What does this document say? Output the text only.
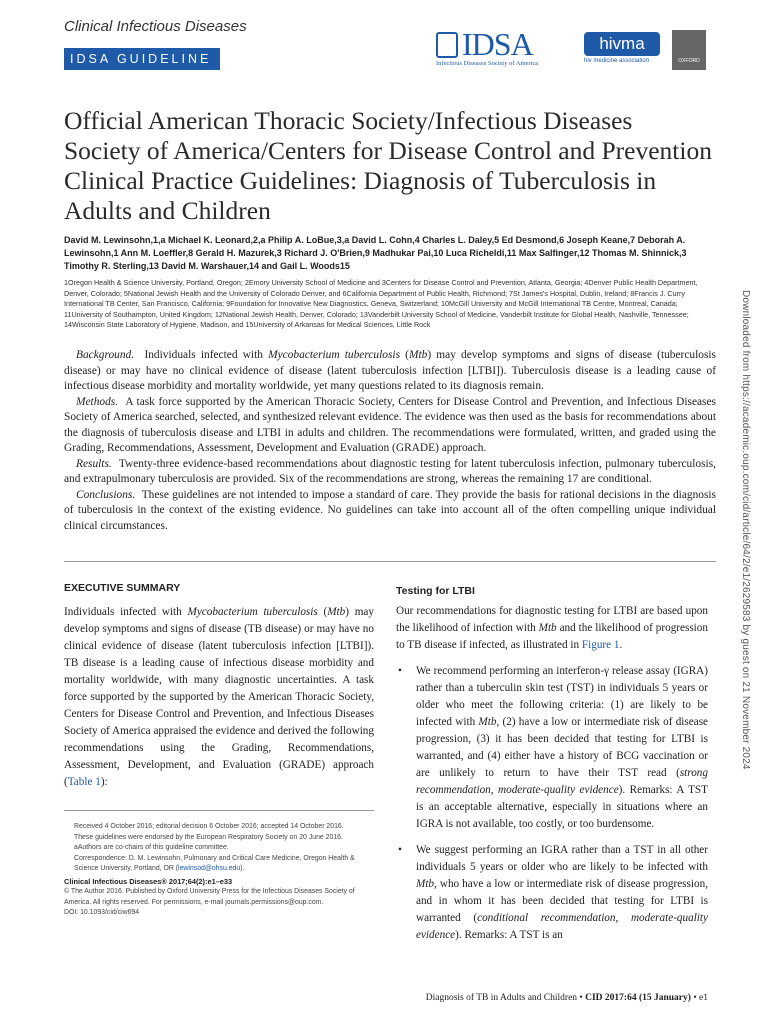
Clinical Infectious Diseases
IDSA GUIDELINE	IDSA
Infectious Diseases Society of America
hivma
hiv medicine association	OXFORD
Official American Thoracic Society/Infectious Diseases Society of America/Centers for Disease Control and Prevention Clinical Practice Guidelines: Diagnosis of Tuberculosis in Adults and Children
David M. Lewinsohn,1,a Michael K. Leonard,2,a Philip A. LoBue,3,a David L. Cohn,4 Charles L. Daley,5 Ed Desmond,6 Joseph Keane,7 Deborah A. Lewinsohn,1 Ann M. Loeffler,8 Gerald H. Mazurek,3 Richard J. O'Brien,9 Madhukar Pai,10 Luca Richeldi,11 Max Salfinger,12 Thomas M. Shinnick,3 Timothy R. Sterling,13 David M. Warshauer,14 and Gail L. Woods15
1Oregon Health & Science University, Portland, Oregon; 2Emory University School of Medicine and 3Centers for Disease Control and Prevention, Atlanta, Georgia; 4Denver Public Health Department, Denver, Colorado; 5National Jewish Health and the University of Colorado Denver, and 6California Department of Public Health, Richmond; 7St James's Hospital, Dublin, Ireland; 8Francis J. Curry International TB Center, San Francisco, California; 9Foundation for Innovative New Diagnostics, Geneva, Switzerland; 10McGill University and McGill International TB Centre, Montreal, Canada; 11University of Southampton, United Kingdom; 12National Jewish Health, Denver, Colorado; 13Vanderbilt University School of Medicine, Vanderbilt Institute for Global Health, Nashville, Tennessee; 14Wisconsin State Laboratory of Hygiene, Madison, and 15University of Arkansas for Medical Sciences, Little Rock

Background. Individuals infected with Mycobacterium tuberculosis (Mtb) may develop symptoms and signs of disease (tuberculosis disease) or may have no clinical evidence of disease (latent tuberculosis infection [LTBI]). Tuberculosis disease is a leading cause of infectious disease morbidity and mortality worldwide, yet many questions related to its diagnosis remain.

Methods. A task force supported by the American Thoracic Society, Centers for Disease Control and Prevention, and Infectious Diseases Society of America searched, selected, and synthesized relevant evidence. The evidence was then used as the basis for recommendations about the diagnosis of tuberculosis disease and LTBI in adults and children. The recommendations were formulated, written, and graded using the Grading, Recommendations, Assessment, Development and Evaluation (GRADE) approach.

Results. Twenty-three evidence-based recommendations about diagnostic testing for latent tuberculosis infection, pulmonary tuberculosis, and extrapulmonary tuberculosis are provided. Six of the recommendations are strong, whereas the remaining 17 are conditional.

Conclusions. These guidelines are not intended to impose a standard of care. They provide the basis for rational decisions in the diagnosis of tuberculosis in the context of the existing evidence. No guidelines can take into account all of the often compelling unique individual clinical circumstances.

EXECUTIVE SUMMARY

Individuals infected with Mycobacterium tuberculosis (Mtb) may develop symptoms and signs of disease (TB disease) or may have no clinical evidence of disease (latent tuberculosis infection [LTBI]). TB disease is a leading cause of infectious disease morbidity and mortality worldwide, with many diagnostic uncertainties. A task force supported by the supported by the American Thoracic Society, Centers for Disease Control and Prevention, and Infectious Diseases Society of America appraised the evidence and derived the following recommendations using the Grading, Recommendations, Assessment, Development, and Evaluation (GRADE) approach (Table 1):

Received 4 October 2016; editorial decision 6 October 2016; accepted 14 October 2016.
These guidelines were endorsed by the European Respiratory Society on 20 June 2016.
aAuthors are co-chairs of this guideline committee.
Correspondence: D. M. Lewinsohn, Pulmonary and Critical Care Medicine, Oregon Health & Science University, Portland, OR (lewinsod@ohsu.edu).
Clinical Infectious Diseases® 2017;64(2):e1–e33
© The Author 2016. Published by Oxford University Press for the Infectious Diseases Society of America. All rights reserved. For permissions, e-mail journals.permissions@oup.com.
DOI: 10.1093/cid/ciw694
Testing for LTBI

Our recommendations for diagnostic testing for LTBI are based upon the likelihood of infection with Mtb and the likelihood of progression to TB disease if infected, as illustrated in Figure 1.

• We recommend performing an interferon-γ release assay (IGRA) rather than a tuberculin skin test (TST) in individuals 5 years or older who meet the following criteria: (1) are likely to be infected with Mtb, (2) have a low or intermediate risk of disease progression, (3) it has been decided that testing for LTBI is warranted, and (4) either have a history of BCG vaccination or are unlikely to return to have their TST read (strong recommendation, moderate-quality evidence). Remarks: A TST is an acceptable alternative, especially in situations where an IGRA is not available, too costly, or too burdensome.
• We suggest performing an IGRA rather than a TST in all other individuals 5 years or older who are likely to be infected with Mtb, who have a low or intermediate risk of disease progression, and in whom it has been decided that testing for LTBI is warranted (conditional recommendation, moderate-quality evidence). Remarks: A TST is an
Downloaded from https://academic.oup.com/cid/article/64/2/e1/2629583 by guest on 21 November 2024
Diagnosis of TB in Adults and Children • CID 2017:64 (15 January) • e1
